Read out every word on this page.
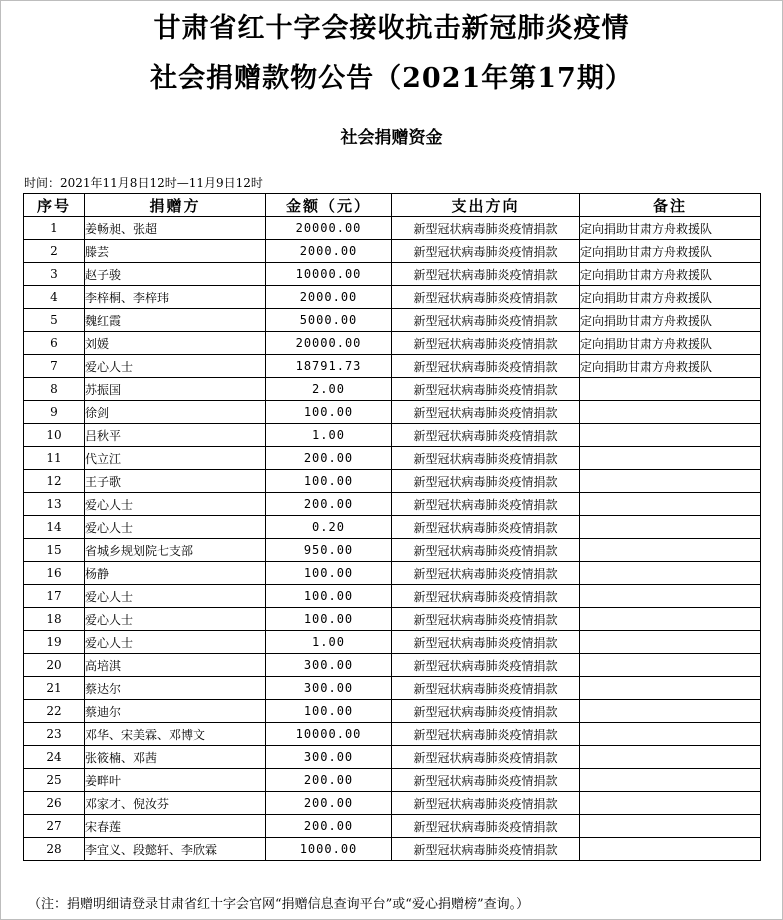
甘肃省红十字会接收抗击新冠肺炎疫情
社会捐赠款物公告（2021年第17期）
社会捐赠资金
时间：2021年11月8日12时—11月9日12时
序号	捐赠方	金额（元）	支出方向	备注
1	姜畅昶、张超	20000.00	新型冠状病毒肺炎疫情捐款	定向捐助甘肃方舟救援队
2	滕芸	2000.00	新型冠状病毒肺炎疫情捐款	定向捐助甘肃方舟救援队
3	赵子骏	10000.00	新型冠状病毒肺炎疫情捐款	定向捐助甘肃方舟救援队
4	李梓桐、李梓玮	2000.00	新型冠状病毒肺炎疫情捐款	定向捐助甘肃方舟救援队
5	魏红霞	5000.00	新型冠状病毒肺炎疫情捐款	定向捐助甘肃方舟救援队
6	刘媛	20000.00	新型冠状病毒肺炎疫情捐款	定向捐助甘肃方舟救援队
7	爱心人士	18791.73	新型冠状病毒肺炎疫情捐款	定向捐助甘肃方舟救援队
8	苏振国	2.00	新型冠状病毒肺炎疫情捐款	
9	徐剑	100.00	新型冠状病毒肺炎疫情捐款	
10	吕秋平	1.00	新型冠状病毒肺炎疫情捐款	
11	代立江	200.00	新型冠状病毒肺炎疫情捐款	
12	王子歌	100.00	新型冠状病毒肺炎疫情捐款	
13	爱心人士	200.00	新型冠状病毒肺炎疫情捐款	
14	爱心人士	0.20	新型冠状病毒肺炎疫情捐款	
15	省城乡规划院七支部	950.00	新型冠状病毒肺炎疫情捐款	
16	杨静	100.00	新型冠状病毒肺炎疫情捐款	
17	爱心人士	100.00	新型冠状病毒肺炎疫情捐款	
18	爱心人士	100.00	新型冠状病毒肺炎疫情捐款	
19	爱心人士	1.00	新型冠状病毒肺炎疫情捐款	
20	高培淇	300.00	新型冠状病毒肺炎疫情捐款	
21	蔡达尔	300.00	新型冠状病毒肺炎疫情捐款	
22	蔡迪尔	100.00	新型冠状病毒肺炎疫情捐款	
23	邓华、宋美霖、邓博文	10000.00	新型冠状病毒肺炎疫情捐款	
24	张筱楠、邓茜	300.00	新型冠状病毒肺炎疫情捐款	
25	姜畔叶	200.00	新型冠状病毒肺炎疫情捐款	
26	邓家才、倪汝芬	200.00	新型冠状病毒肺炎疫情捐款	
27	宋春莲	200.00	新型冠状病毒肺炎疫情捐款	
28	李宜义、段懿轩、李欣霖	1000.00	新型冠状病毒肺炎疫情捐款	
（注：捐赠明细请登录甘肃省红十字会官网“捐赠信息查询平台”或“爱心捐赠榜”查询。）
